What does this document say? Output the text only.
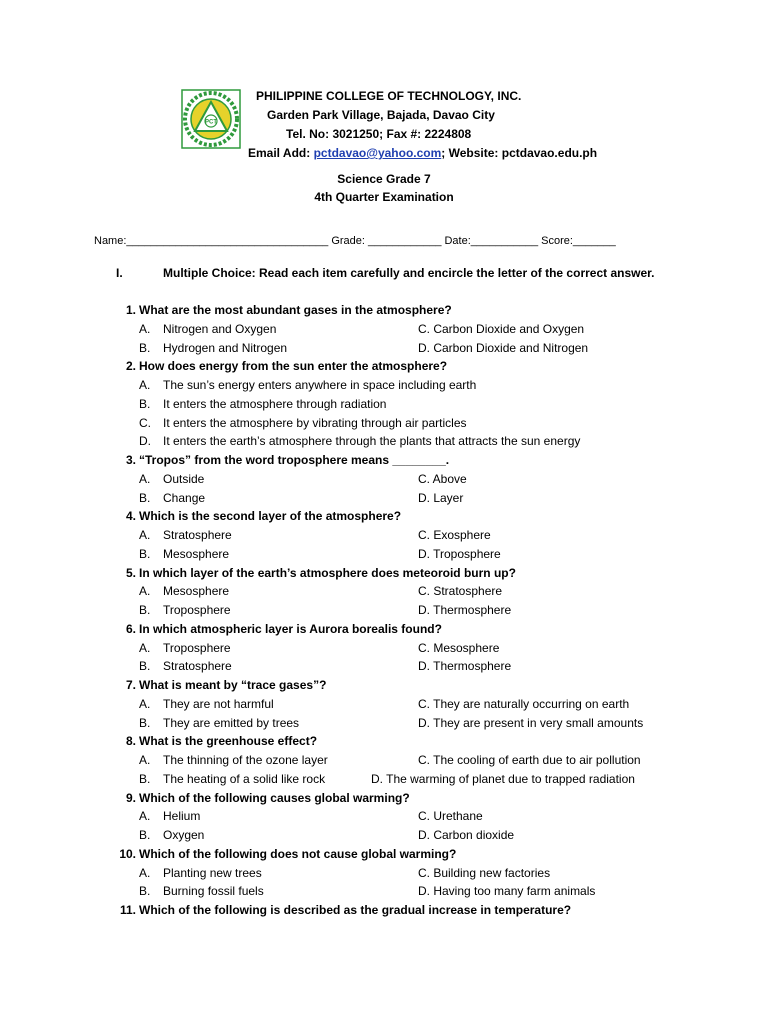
PCT
PHILIPPINE COLLEGE OF TECHNOLOGY, INC.
Garden Park Village, Bajada, Davao City
Tel. No: 3021250; Fax #: 2224808
Email Add: pctdavao@yahoo.com; Website: pctdavao.edu.ph
Science Grade 7
4th Quarter Examination
Name:_________________________________ Grade: ____________ Date:___________ Score:_______
I.	Multiple Choice: Read each item carefully and encircle the letter of the correct answer.
1. What are the most abundant gases in the atmosphere?
A. Nitrogen and Oxygen	C. Carbon Dioxide and Oxygen
B. Hydrogen and Nitrogen	D. Carbon Dioxide and Nitrogen
2. How does energy from the sun enter the atmosphere?
A. The sun’s energy enters anywhere in space including earth
B. It enters the atmosphere through radiation
C. It enters the atmosphere by vibrating through air particles
D. It enters the earth’s atmosphere through the plants that attracts the sun energy
3. “Tropos” from the word troposphere means ________.
A. Outside	C. Above
B. Change	D. Layer
4. Which is the second layer of the atmosphere?
A. Stratosphere	C. Exosphere
B. Mesosphere	D. Troposphere
5. In which layer of the earth’s atmosphere does meteoroid burn up?
A. Mesosphere	C. Stratosphere
B. Troposphere	D. Thermosphere
6. In which atmospheric layer is Aurora borealis found?
A. Troposphere	C. Mesosphere
B. Stratosphere	D. Thermosphere
7. What is meant by “trace gases”?
A. They are not harmful	C. They are naturally occurring on earth
B. They are emitted by trees	D. They are present in very small amounts
8. What is the greenhouse effect?
A. The thinning of the ozone layer	C. The cooling of earth due to air pollution
B. The heating of a solid like rock	D. The warming of planet due to trapped radiation
9. Which of the following causes global warming?
A. Helium	C. Urethane
B. Oxygen	D. Carbon dioxide
10. Which of the following does not cause global warming?
A. Planting new trees	C. Building new factories
B. Burning fossil fuels	D. Having too many farm animals
11. Which of the following is described as the gradual increase in temperature?
